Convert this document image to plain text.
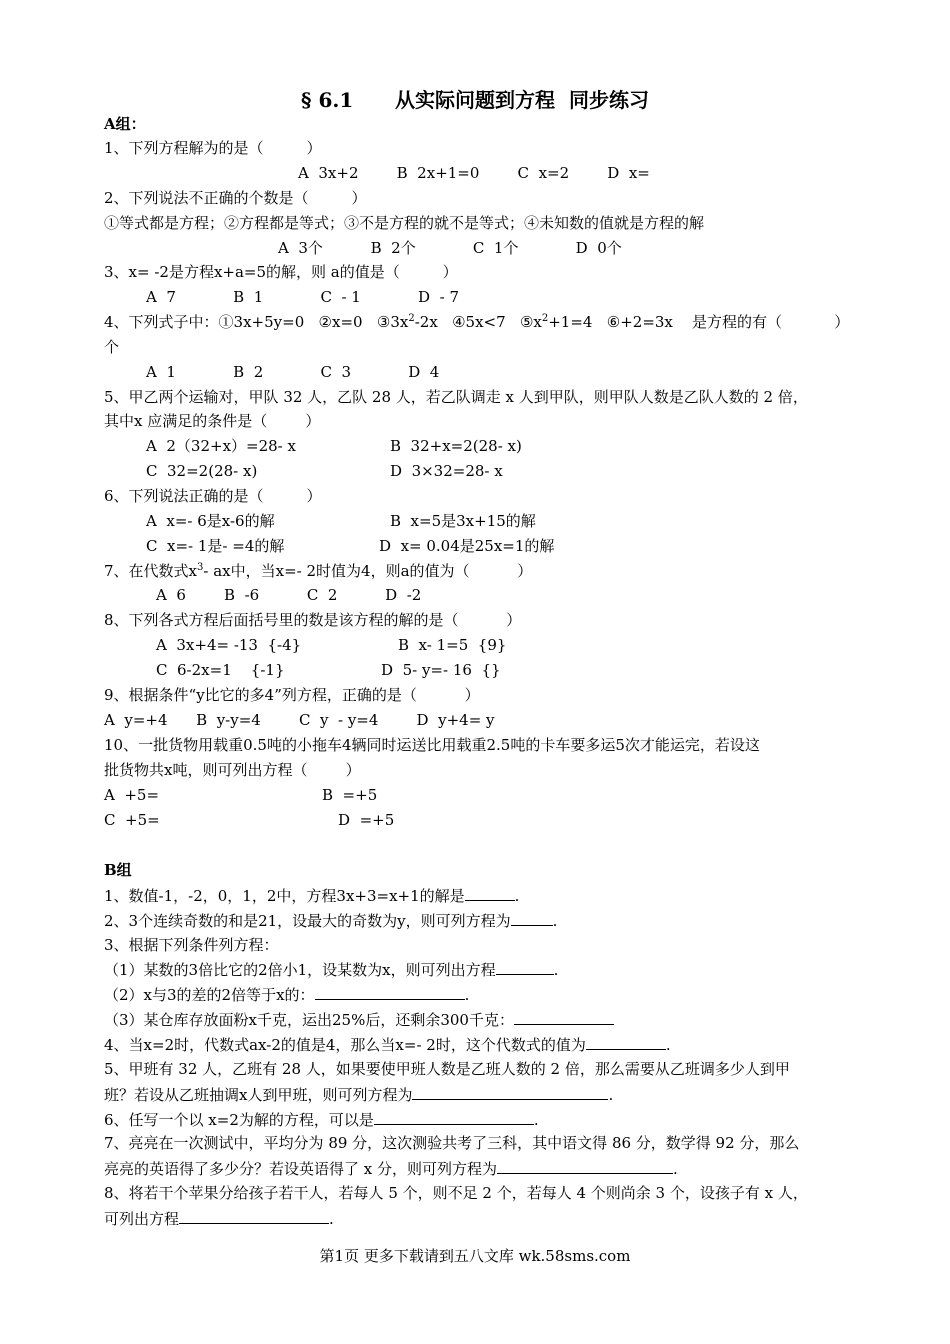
§ 6.1      从实际问题到方程  同步练习
A组：
1、下列方程解为的是（         ）
A  3x+2        B  2x+1=0        C  x=2        D  x=
2、下列说法不正确的个数是（         ）
①等式都是方程；②方程都是等式；③不是方程的就不是等式；④未知数的值就是方程的解
A  3个          B  2个            C  1个            D  0个
3、x= -2是方程x+a=5的解，则 a的值是（         ）
A  7            B  1            C  - 1            D  - 7
4、下列式子中：①3x+5y=0   ②x=0   $③3x^2-2x$   ④5x<7   $⑤x^2+1=4$   ⑥+2=3x    是方程的有（           ）
个
A  1            B  2            C  3            D  4
5、甲乙两个运输对，甲队 32 人，乙队 28 人，若乙队调走 x 人到甲队，则甲队人数是乙队人数的 2 倍，
其中x 应满足的条件是（        ）
A  2（32+x）=28- x	B  32+x=2(28- x)
C  32=2(28- x)	D  3×32=28- x
6、下列说法正确的是（         ）
A  x=- 6是x-6的解	B  x=5是3x+15的解
C  x=- 1是- =4的解	D  x= 0.04是25x=1的解
7、在代数式$x^3-$ ax中，当x=- 2时值为4，则a的值为（          ）
A  6        B  -6          C  2          D  -2
8、下列各式方程后面括号里的数是该方程的解的是（          ）
A  3x+4= -13  {-4}	B  x- 1=5  {9}
C  6-2x=1    {-1}	D  5- y=- 16  {}
9、根据条件“y比它的多4”列方程，正确的是（          ）
A  y=+4      B  y-y=4        C  y  - y=4        D  y+4= y
10、一批货物用载重0.5吨的小拖车4辆同时运送比用载重2.5吨的卡车要多运5次才能运完，若设这
批货物共x吨，则可列出方程（        ）
A  +5=	B  =+5
C  +5=	D  =+5
B组
1、数值-1，-2，0，1，2中，方程3x+3=x+1的解是	.
2、3个连续奇数的和是21，设最大的奇数为y，则可列方程为	.
3、根据下列条件列方程：
（1）某数的3倍比它的2倍小1，设某数为x，则可列出方程	.
（2）x与3的差的2倍等于x的：	.
（3）某仓库存放面粉x千克，运出25%后，还剩余300千克：
4、当x=2时，代数式ax-2的值是4，那么当x=- 2时，这个代数式的值为	.
5、甲班有 32 人，乙班有 28 人，如果要使甲班人数是乙班人数的 2 倍，那么需要从乙班调多少人到甲
班？若设从乙班抽调x人到甲班，则可列方程为	.
6、任写一个以 x=2为解的方程，可以是	.
7、亮亮在一次测试中，平均分为 89 分，这次测验共考了三科，其中语文得 86 分，数学得 92 分，那么
亮亮的英语得了多少分？若设英语得了 x 分，则可列方程为	.
8、将若干个苹果分给孩子若干人，若每人 5 个，则不足 2 个，若每人 4 个则尚余 3 个，设孩子有 x 人，
可列出方程	.
第1页 更多下载请到五八文库 wk.58sms.com
